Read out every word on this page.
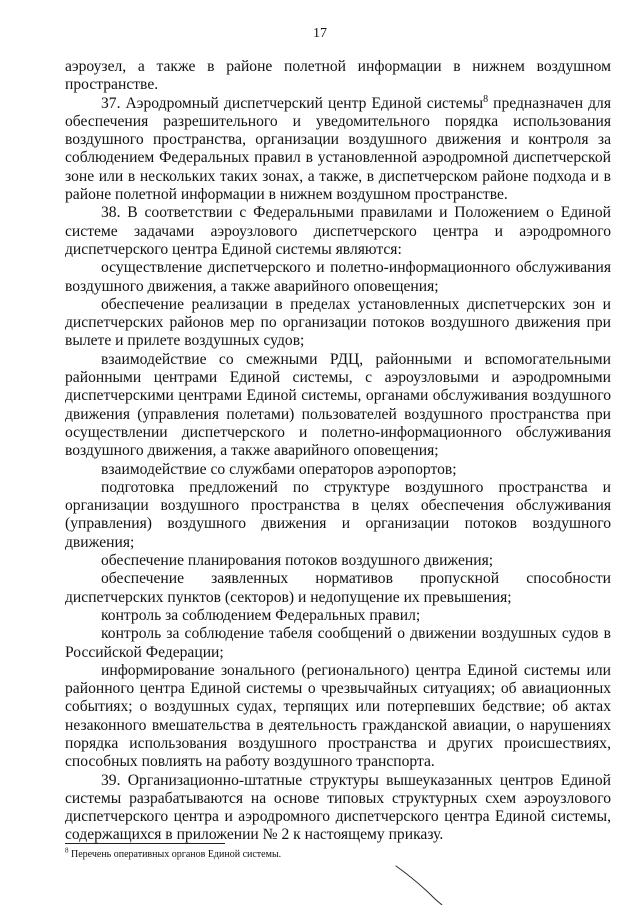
17

аэроузел, а также в районе полетной информации в нижнем воздушном пространстве.

37. Аэродромный диспетчерский центр Единой системы$^8$ предназначен для обеспечения разрешительного и уведомительного порядка использования воздушного пространства, организации воздушного движения и контроля за соблюдением Федеральных правил в установленной аэродромной диспетчерской зоне или в нескольких таких зонах, а также, в диспетчерском районе подхода и в районе полетной информации в нижнем воздушном пространстве.

38. В соответствии с Федеральными правилами и Положением о Единой системе задачами аэроузлового диспетчерского центра и аэродромного диспетчерского центра Единой системы являются:

осуществление диспетчерского и полетно-информационного обслуживания воздушного движения, а также аварийного оповещения;

обеспечение реализации в пределах установленных диспетчерских зон и диспетчерских районов мер по организации потоков воздушного движения при вылете и прилете воздушных судов;

взаимодействие со смежными РДЦ, районными и вспомогательными районными центрами Единой системы, с аэроузловыми и аэродромными диспетчерскими центрами Единой системы, органами обслуживания воздушного движения (управления полетами) пользователей воздушного пространства при осуществлении диспетчерского и полетно-информационного обслуживания воздушного движения, а также аварийного оповещения;

взаимодействие со службами операторов аэропортов;

подготовка предложений по структуре воздушного пространства и организации воздушного пространства в целях обеспечения обслуживания (управления) воздушного движения и организации потоков воздушного движения;

обеспечение планирования потоков воздушного движения;

обеспечение заявленных нормативов пропускной способности диспетчерских пунктов (секторов) и недопущение их превышения;

контроль за соблюдением Федеральных правил;

контроль за соблюдение табеля сообщений о движении воздушных судов в Российской Федерации;

информирование зонального (регионального) центра Единой системы или районного центра Единой системы о чрезвычайных ситуациях; об авиационных событиях; о воздушных судах, терпящих или потерпевших бедствие; об актах незаконного вмешательства в деятельность гражданской авиации, о нарушениях порядка использования воздушного пространства и других происшествиях, способных повлиять на работу воздушного транспорта.

39. Организационно-штатные структуры вышеуказанных центров Единой системы разрабатываются на основе типовых структурных схем аэроузлового диспетчерского центра и аэродромного диспетчерского центра Единой системы, содержащихся в приложении № 2 к настоящему приказу.

$^8$ Перечень оперативных органов Единой системы.
